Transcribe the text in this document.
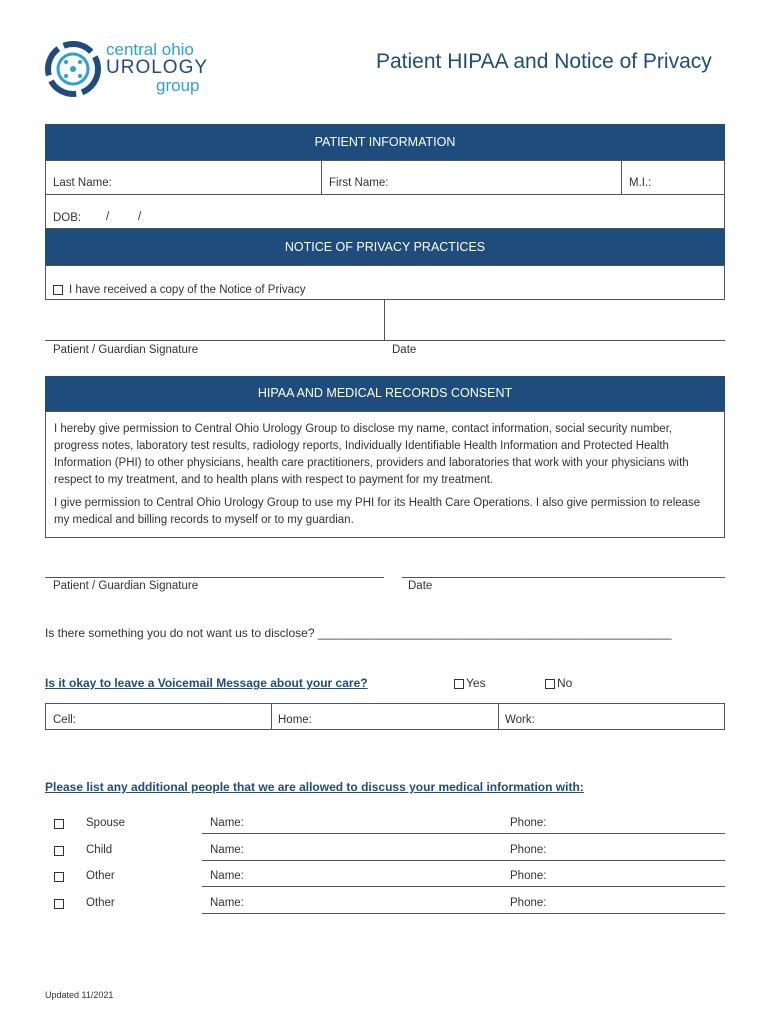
central ohio
UROLOGY
group
Patient HIPAA and Notice of Privacy
PATIENT INFORMATION
Last Name:	First Name:	M.I.:
DOB: /         /
NOTICE OF PRIVACY PRACTICES
I have received a copy of the Notice of Privacy
Patient / Guardian Signature	Date
HIPAA AND MEDICAL RECORDS CONSENT
I hereby give permission to Central Ohio Urology Group to disclose my name, contact information, social security number, progress notes, laboratory test results, radiology reports, Individually Identifiable Health Information and Protected Health Information (PHI) to other physicians, health care practitioners, providers and laboratories that work with your physicians with respect to my treatment, and to health plans with respect to payment for my treatment.
I give permission to Central Ohio Urology Group to use my PHI for its Health Care Operations. I also give permission to release my medical and billing records to myself or to my guardian.
Patient / Guardian Signature	Date
Is there something you do not want us to disclose? _____________________________________________________
Is it okay to leave a Voicemail Message about your care?	Yes	No
Cell:	Home:	Work:
Please list any additional people that we are allowed to discuss your medical information with:
Spouse	Name:	Phone:
Child	Name:	Phone:
Other	Name:	Phone:
Other	Name:	Phone:
Updated 11/2021
